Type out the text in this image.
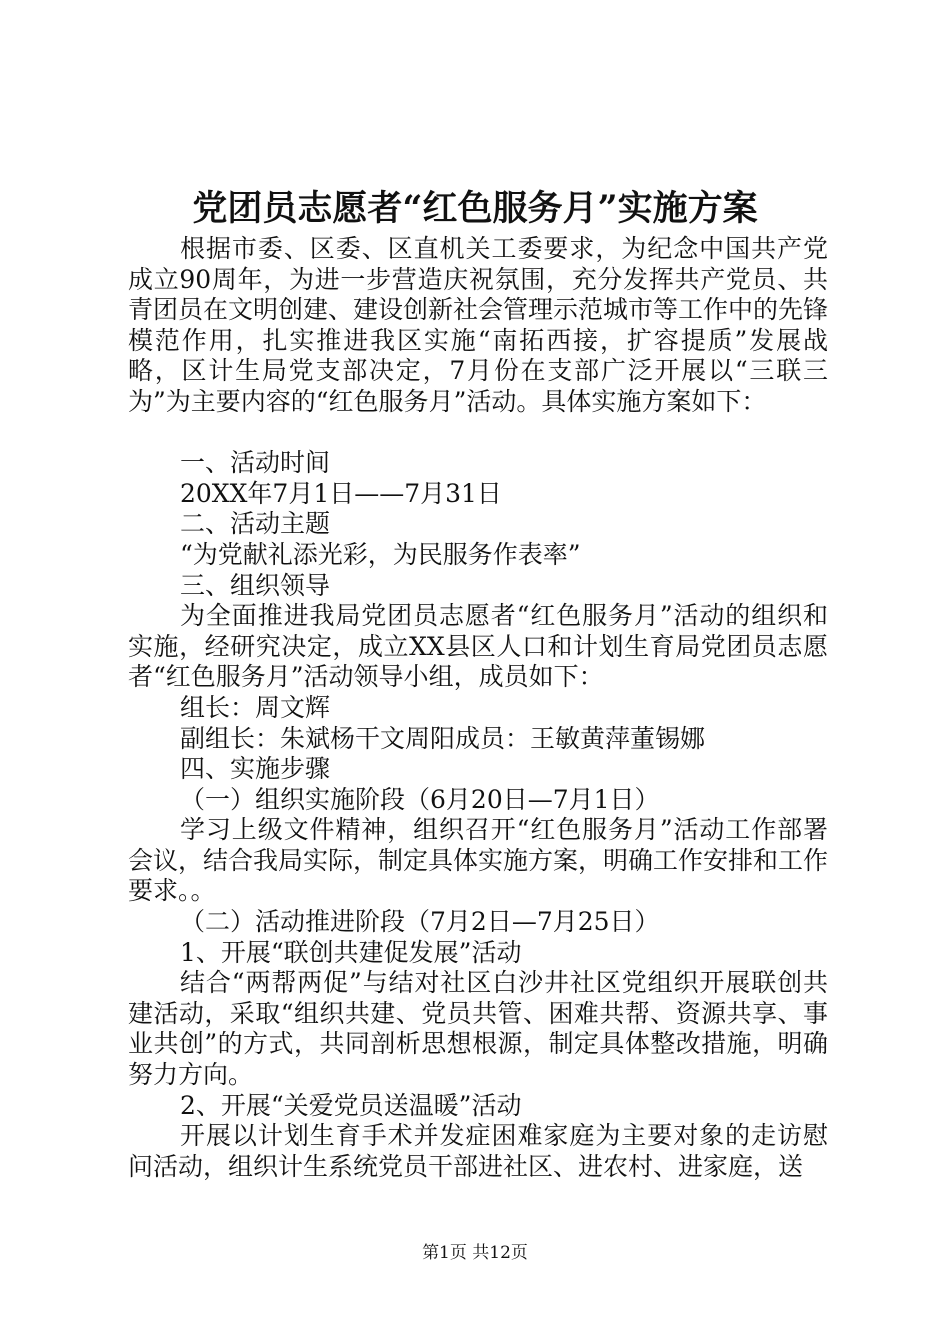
党团员志愿者“红色服务月”实施方案

根据市委、区委、区直机关工委要求，为纪念中国共产党成立90周年，为进一步营造庆祝氛围，充分发挥共产党员、共青团员在文明创建、建设创新社会管理示范城市等工作中的先锋模范作用，扎实推进我区实施“南拓西接，扩容提质”发展战略，区计生局党支部决定，7月份在支部广泛开展以“三联三为”为主要内容的“红色服务月”活动。具体实施方案如下：

一、活动时间

20XX年7月1日——7月31日

二、活动主题

“为党献礼添光彩，为民服务作表率”

三、组织领导

为全面推进我局党团员志愿者“红色服务月”活动的组织和实施，经研究决定，成立XX县区人口和计划生育局党团员志愿者“红色服务月”活动领导小组，成员如下：

组长：周文辉

副组长：朱斌杨干文周阳成员：王敏黄萍董锡娜

四、实施步骤

（一）组织实施阶段（6月20日—7月1日）

学习上级文件精神，组织召开“红色服务月”活动工作部署会议，结合我局实际，制定具体实施方案，明确工作安排和工作要求。。

（二）活动推进阶段（7月2日—7月25日）

1、开展“联创共建促发展”活动

结合“两帮两促”与结对社区白沙井社区党组织开展联创共建活动，采取“组织共建、党员共管、困难共帮、资源共享、事业共创”的方式，共同剖析思想根源，制定具体整改措施，明确努力方向。

2、开展“关爱党员送温暖”活动

开展以计划生育手术并发症困难家庭为主要对象的走访慰问活动，组织计生系统党员干部进社区、进农村、进家庭，送

第1页 共12页
